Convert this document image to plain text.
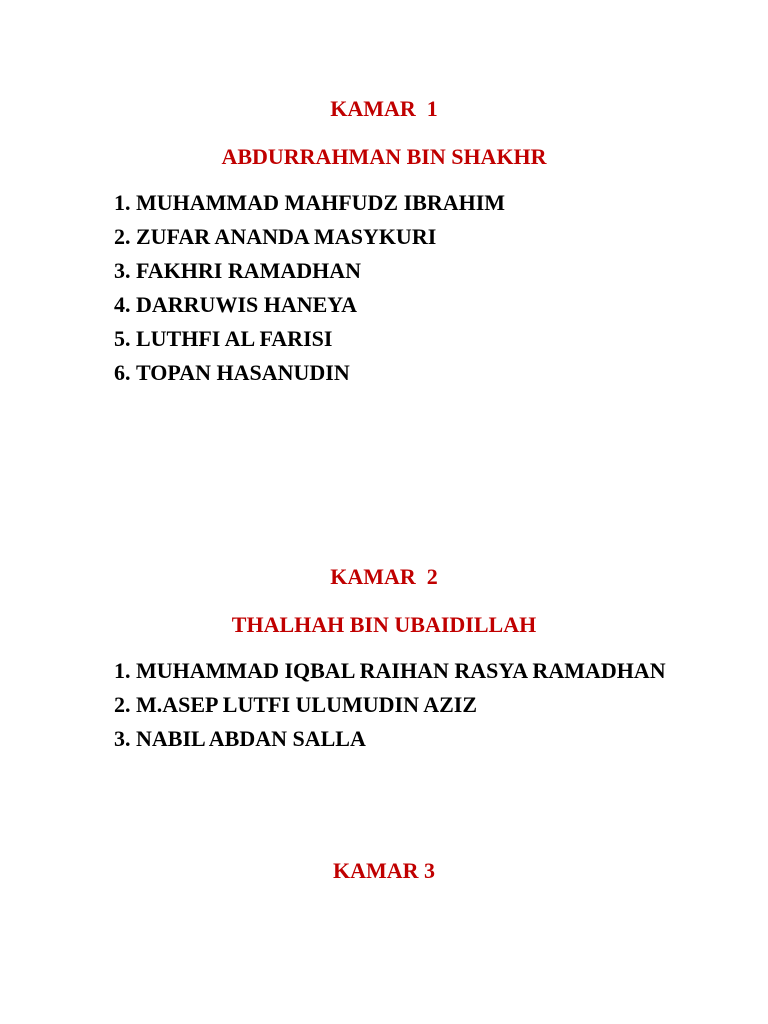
KAMAR  1
ABDURRAHMAN BIN SHAKHR
1. MUHAMMAD MAHFUDZ IBRAHIM
2. ZUFAR ANANDA MASYKURI
3. FAKHRI RAMADHAN
4. DARRUWIS HANEYA
5. LUTHFI AL FARISI
6. TOPAN HASANUDIN
KAMAR  2
THALHAH BIN UBAIDILLAH
1. MUHAMMAD IQBAL RAIHAN RASYA RAMADHAN
2. M.ASEP LUTFI ULUMUDIN AZIZ
3. NABIL ABDAN SALLA
KAMAR 3
